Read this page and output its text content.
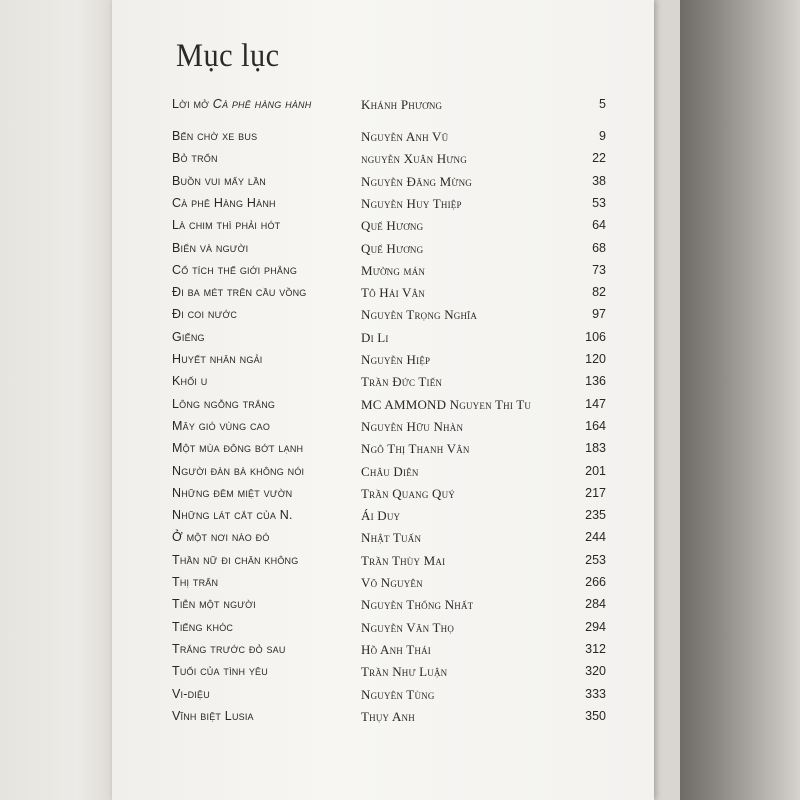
Mục lục
Lời mở Cà phê hàng hành	Khánh Phương	5
Bến chờ xe bus	Nguyễn Anh Vũ	9
Bỏ trốn	nguyễn Xuân Hưng	22
Buồn vui mấy lần	Nguyễn Đăng Mừng	38
Cà phê Hàng Hành	Nguyễn Huy Thiệp	53
Là chim thì phải hót	Quế Hương	64
Biển và người	Quế Hương	68
Cổ tích thế giới phẳng	Mường mán	73
Đi ba mét trên cầu vồng	Tô Hải Vân	82
Đi coi nước	Nguyễn Trọng Nghĩa	97
Giếng	Di Li	106
Huyết nhân ngải	Nguyễn Hiệp	120
Khối u	Trần Đức Tiến	136
Lông ngỗng trắng	MC AMMOND Nguyen Thi Tu	147
Mây gió vùng cao	Nguyễn Hữu Nhàn	164
Một mùa đông bớt lạnh	Ngô Thị Thanh Vân	183
Người đàn bà không nói	Châu Diên	201
Những đêm miệt vườn	Trần Quang Quý	217
Những lát cắt của N.	Ái Duy	235
Ở một nơi nào đó	Nhật Tuấn	244
Thần nữ đi chân không	Trần Thùy Mai	253
Thị trấn	Võ Nguyên	266
Tiễn một người	Nguyễn Thống Nhất	284
Tiếng khóc	Nguyễn Văn Thọ	294
Trắng trước đỏ sau	Hồ Anh Thái	312
Tuổi của tình yêu	Trần Như Luận	320
Vi-diệu	Nguyên Tùng	333
Vĩnh biệt Lusia	Thụy Anh	350
